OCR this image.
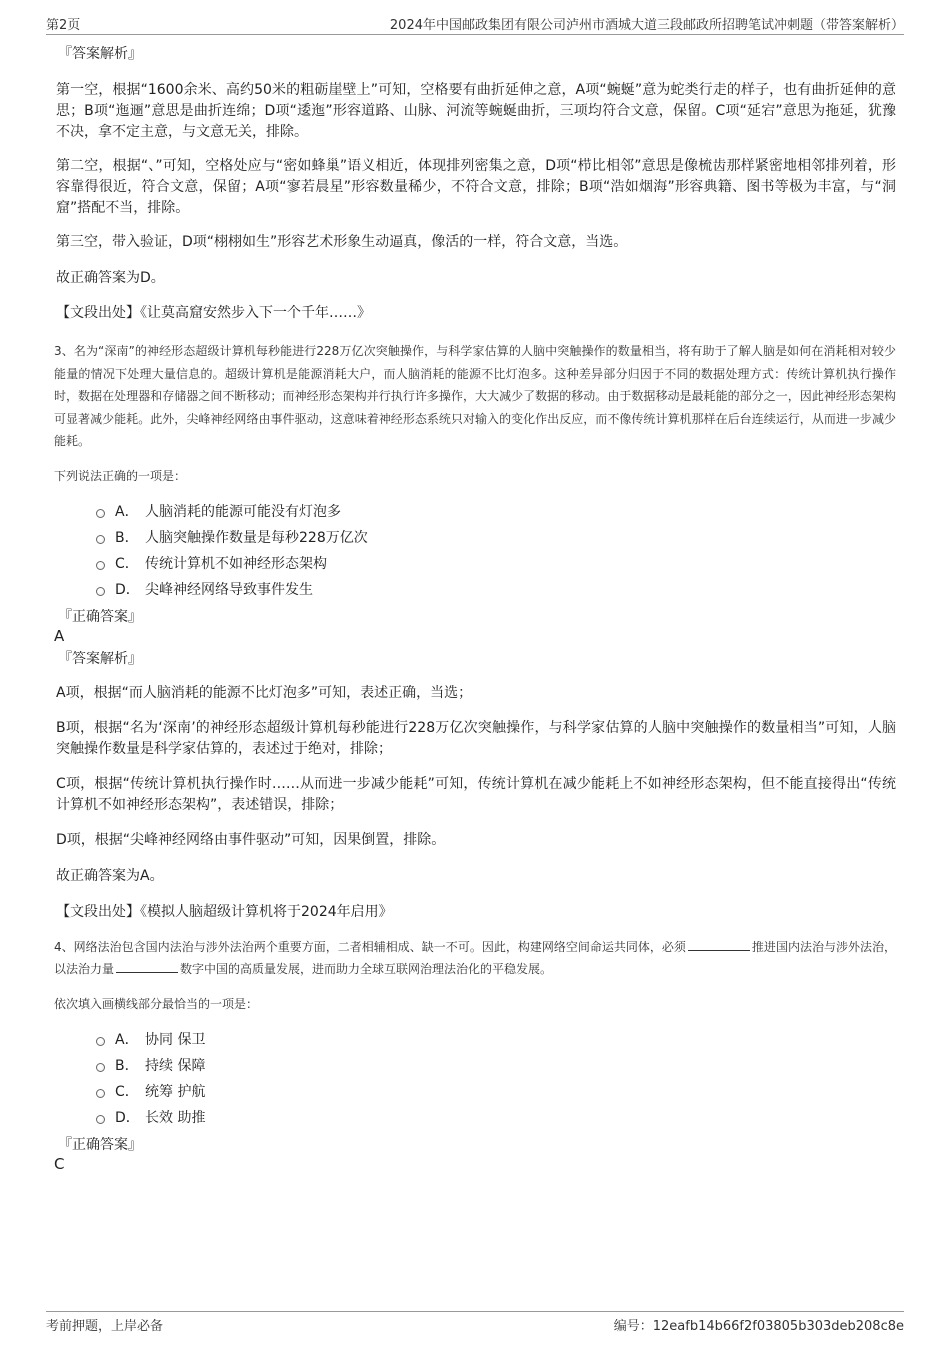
第2页	2024年中国邮政集团有限公司泸州市酒城大道三段邮政所招聘笔试冲刺题（带答案解析）
『答案解析』

第一空，根据“1600余米、高约50米的粗砺崖壁上”可知，空格要有曲折延伸之意，A项“蜿蜒”意为蛇类行走的样子，也有曲折延伸的意思；B项“迤逦”意思是曲折连绵；D项“逶迤”形容道路、山脉、河流等蜿蜒曲折，三项均符合文意，保留。C项“延宕”意思为拖延，犹豫不决，拿不定主意，与文意无关，排除。

第二空，根据“、”可知，空格处应与“密如蜂巢”语义相近，体现排列密集之意，D项“栉比相邻”意思是像梳齿那样紧密地相邻排列着，形容靠得很近，符合文意，保留；A项“寥若晨星”形容数量稀少，不符合文意，排除；B项“浩如烟海”形容典籍、图书等极为丰富，与“洞窟”搭配不当，排除。

第三空，带入验证，D项“栩栩如生”形容艺术形象生动逼真，像活的一样，符合文意，当选。

故正确答案为D。

【文段出处】《让莫高窟安然步入下一个千年……》

3、名为“深南”的神经形态超级计算机每秒能进行228万亿次突触操作，与科学家估算的人脑中突触操作的数量相当，将有助于了解人脑是如何在消耗相对较少能量的情况下处理大量信息的。超级计算机是能源消耗大户，而人脑消耗的能源不比灯泡多。这种差异部分归因于不同的数据处理方式：传统计算机执行操作时，数据在处理器和存储器之间不断移动；而神经形态架构并行执行许多操作，大大减少了数据的移动。由于数据移动是最耗能的部分之一，因此神经形态架构可显著减少能耗。此外，尖峰神经网络由事件驱动，这意味着神经形态系统只对输入的变化作出反应，而不像传统计算机那样在后台连续运行，从而进一步减少能耗。

下列说法正确的一项是：

A． 人脑消耗的能源可能没有灯泡多
B． 人脑突触操作数量是每秒228万亿次
C． 传统计算机不如神经形态架构
D． 尖峰神经网络导致事件发生
『正确答案』
A
『答案解析』

A项，根据“而人脑消耗的能源不比灯泡多”可知，表述正确，当选；

B项，根据“名为‘深南’的神经形态超级计算机每秒能进行228万亿次突触操作，与科学家估算的人脑中突触操作的数量相当”可知，人脑突触操作数量是科学家估算的，表述过于绝对，排除；

C项，根据“传统计算机执行操作时……从而进一步减少能耗”可知，传统计算机在减少能耗上不如神经形态架构，但不能直接得出“传统计算机不如神经形态架构”，表述错误，排除；

D项，根据“尖峰神经网络由事件驱动”可知，因果倒置，排除。

故正确答案为A。

【文段出处】《模拟人脑超级计算机将于2024年启用》

4、网络法治包含国内法治与涉外法治两个重要方面，二者相辅相成、缺一不可。因此，构建网络空间命运共同体，必须	推进国内法治与涉外法治，以法治力量	数字中国的高质量发展，进而助力全球互联网治理法治化的平稳发展。

依次填入画横线部分最恰当的一项是：

A． 协同 保卫
B． 持续 保障
C． 统筹 护航
D． 长效 助推
『正确答案』
C
考前押题，上岸必备	编号：12eafb14b66f2f03805b303deb208c8e
